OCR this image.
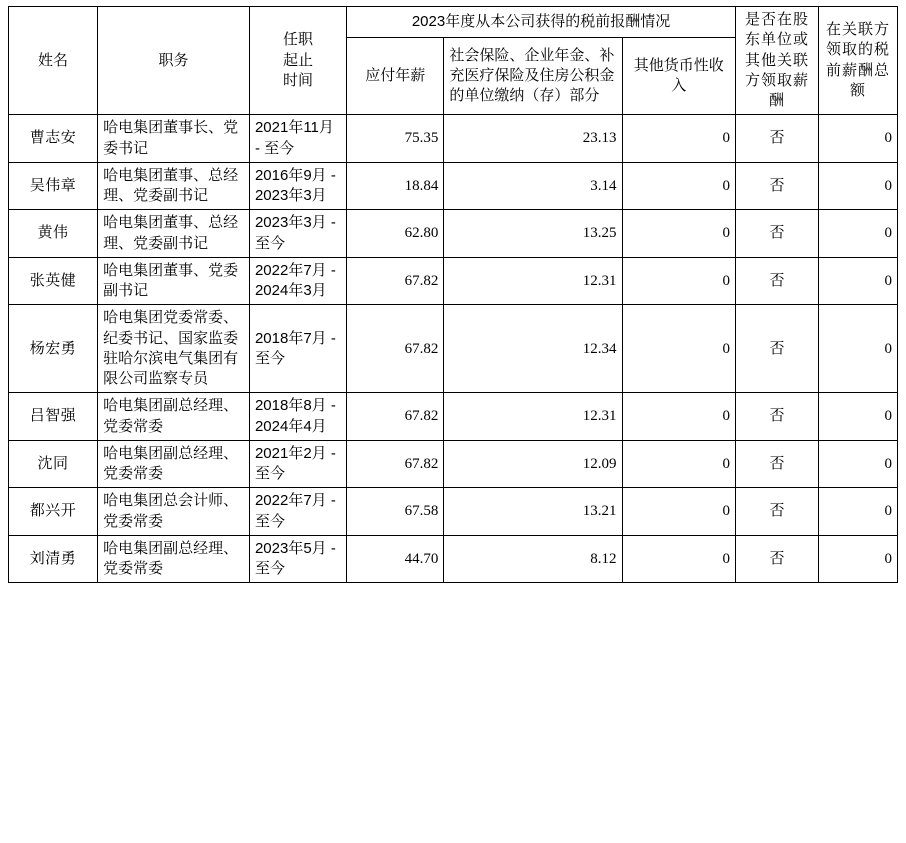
姓名	职务	任职
起止
时间	2023年度从本公司获得的税前报酬情况			是否在股东单位或其他关联方领取薪酬	在关联方领取的税前薪酬总额
			应付年薪	社会保险、企业年金、补充医疗保险及住房公积金的单位缴纳（存）部分	其他货币性收入		
曹志安	哈电集团董事长、党委书记	2021年11月 - 至今	75.35	23.13	0	否	0
吴伟章	哈电集团董事、总经理、党委副书记	2016年9月 - 2023年3月	18.84	3.14	0	否	0
黄伟	哈电集团董事、总经理、党委副书记	2023年3月 - 至今	62.80	13.25	0	否	0
张英健	哈电集团董事、党委副书记	2022年7月 - 2024年3月	67.82	12.31	0	否	0
杨宏勇	哈电集团党委常委、纪委书记、国家监委驻哈尔滨电气集团有限公司监察专员	2018年7月 - 至今	67.82	12.34	0	否	0
吕智强	哈电集团副总经理、党委常委	2018年8月 - 2024年4月	67.82	12.31	0	否	0
沈同	哈电集团副总经理、党委常委	2021年2月 - 至今	67.82	12.09	0	否	0
都兴开	哈电集团总会计师、党委常委	2022年7月 - 至今	67.58	13.21	0	否	0
刘清勇	哈电集团副总经理、党委常委	2023年5月 - 至今	44.70	8.12	0	否	0
